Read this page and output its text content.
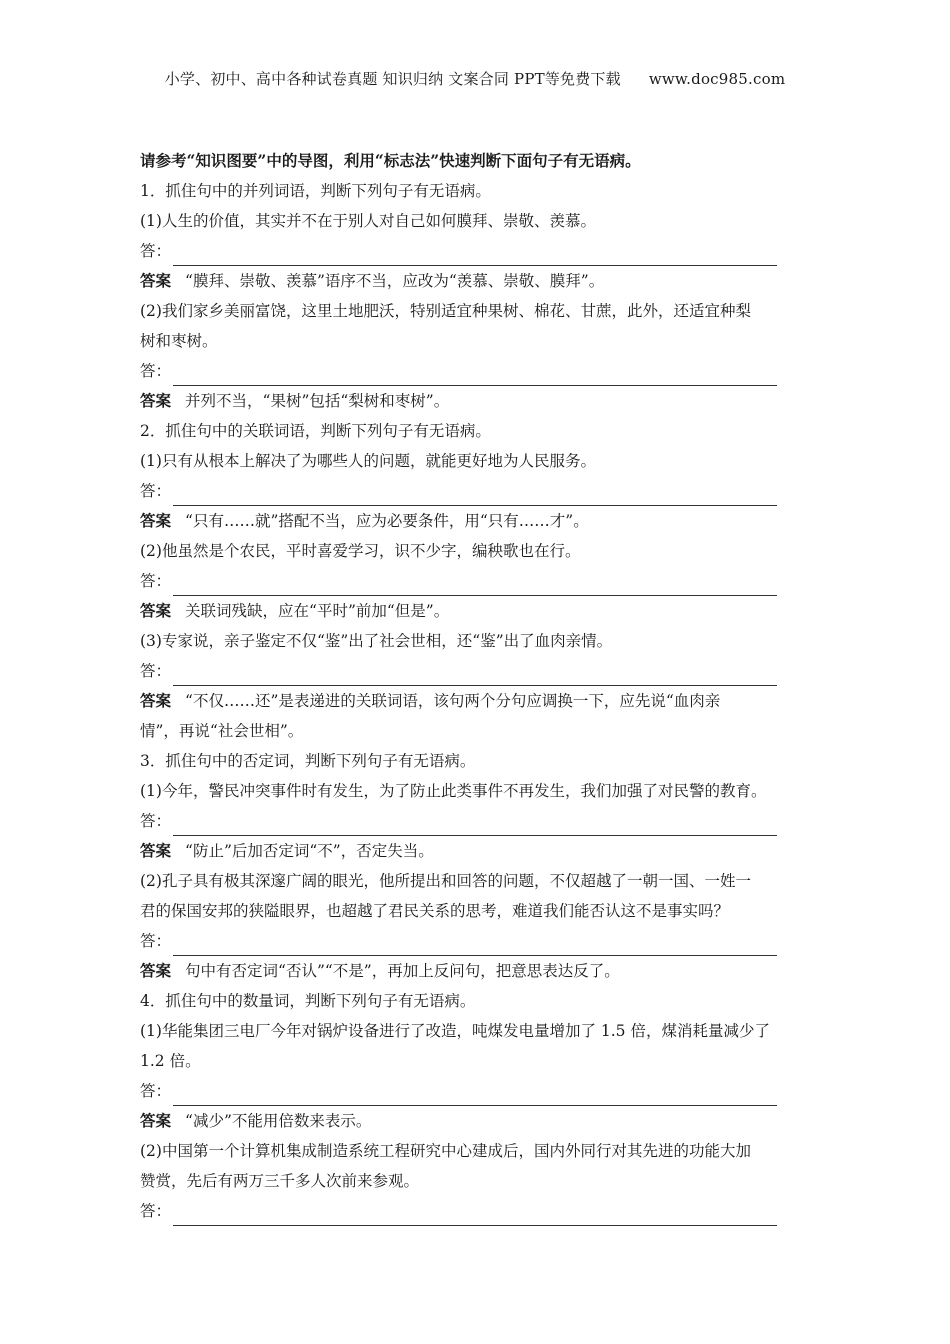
小学、初中、高中各种试卷真题 知识归纳 文案合同 PPT等免费下载 www.doc985.com
请参考“知识图要”中的导图，利用“标志法”快速判断下面句子有无语病。
1．抓住句中的并列词语，判断下列句子有无语病。
(1)人生的价值，其实并不在于别人对自己如何膜拜、崇敬、羡慕。
答：
答案 “膜拜、崇敬、羡慕”语序不当，应改为“羡慕、崇敬、膜拜”。
(2)我们家乡美丽富饶，这里土地肥沃，特别适宜种果树、棉花、甘蔗，此外，还适宜种梨
树和枣树。
答：
答案 并列不当，“果树”包括“梨树和枣树”。
2．抓住句中的关联词语，判断下列句子有无语病。
(1)只有从根本上解决了为哪些人的问题，就能更好地为人民服务。
答：
答案 “只有……就”搭配不当，应为必要条件，用“只有……才”。
(2)他虽然是个农民，平时喜爱学习，识不少字，编秧歌也在行。
答：
答案 关联词残缺，应在“平时”前加“但是”。
(3)专家说，亲子鉴定不仅“鉴”出了社会世相，还“鉴”出了血肉亲情。
答：
答案 “不仅……还”是表递进的关联词语，该句两个分句应调换一下，应先说“血肉亲
情”，再说“社会世相”。
3．抓住句中的否定词，判断下列句子有无语病。
(1)今年，警民冲突事件时有发生，为了防止此类事件不再发生，我们加强了对民警的教育。
答：
答案 “防止”后加否定词“不”，否定失当。
(2)孔子具有极其深邃广阔的眼光，他所提出和回答的问题，不仅超越了一朝一国、一姓一
君的保国安邦的狭隘眼界，也超越了君民关系的思考，难道我们能否认这不是事实吗？
答：
答案 句中有否定词“否认”“不是”，再加上反问句，把意思表达反了。
4．抓住句中的数量词，判断下列句子有无语病。
(1)华能集团三电厂今年对锅炉设备进行了改造，吨煤发电量增加了 1.5 倍，煤消耗量减少了
1.2 倍。
答：
答案 “减少”不能用倍数来表示。
(2)中国第一个计算机集成制造系统工程研究中心建成后，国内外同行对其先进的功能大加
赞赏，先后有两万三千多人次前来参观。
答：
